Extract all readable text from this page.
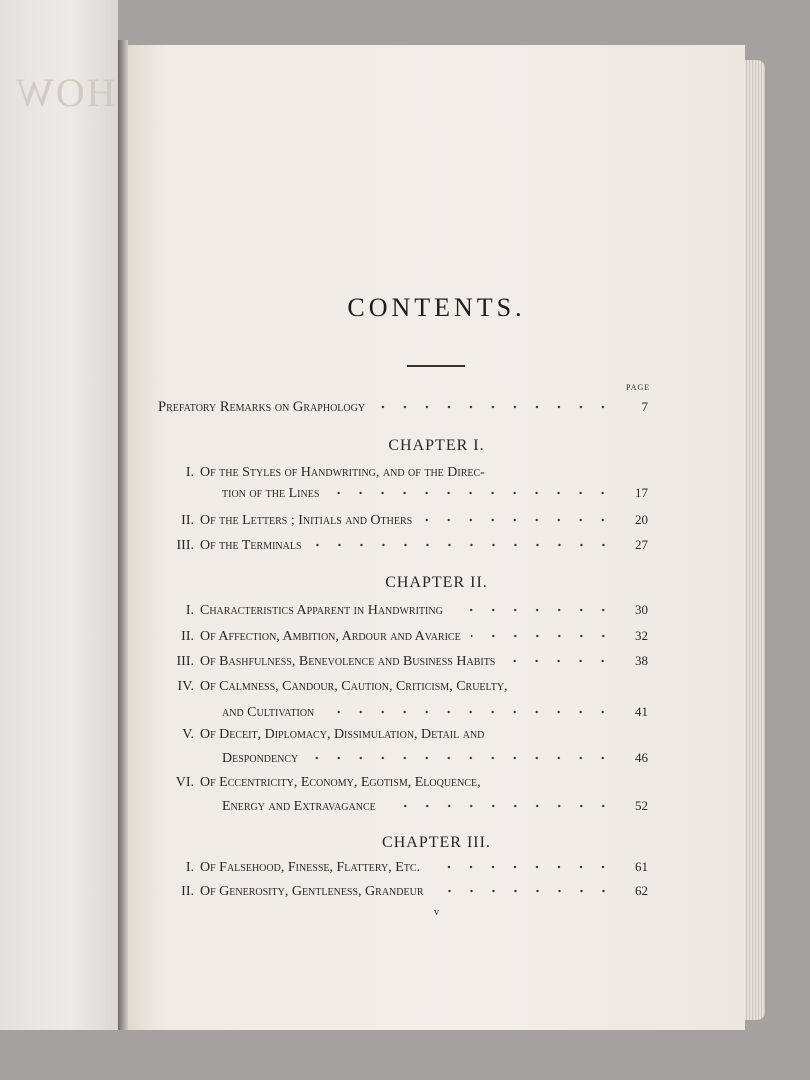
HOW
CONTENTS.
PAGE
Prefatory Remarks on Graphology	7
CHAPTER I.
I. Of the Styles of Handwriting, and of the Direc-
tion of the Lines	17
II. Of the Letters ; Initials and Others	20
III. Of the Terminals	27
CHAPTER II.
I. Characteristics Apparent in Handwriting	30
II. Of Affection, Ambition, Ardour and Avarice	32
III. Of Bashfulness, Benevolence and Business Habits	38
IV. Of Calmness, Candour, Caution, Criticism, Cruelty,
and Cultivation	41
V. Of Deceit, Diplomacy, Dissimulation, Detail and
Despondency	46
VI. Of Eccentricity, Economy, Egotism, Eloquence,
Energy and Extravagance	52
CHAPTER III.
I. Of Falsehood, Finesse, Flattery, Etc.	61
II. Of Generosity, Gentleness, Grandeur	62
v
